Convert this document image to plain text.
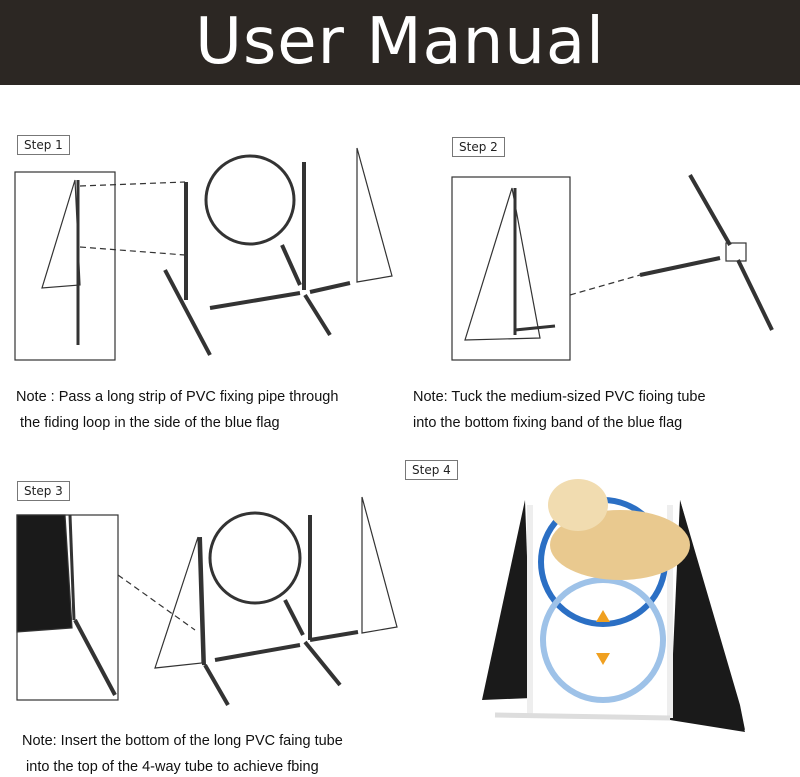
User Manual
Step 1	Step 2
Step 3
Step 4
Note : Pass a long strip of PVC fixing pipe through
the fiding loop in the side of the blue flag
Note: Tuck the medium-sized PVC fioing tube
into the bottom fixing band of the blue flag
Note: Insert the bottom of the long PVC faing tube
into the top of the 4-way tube to achieve fbing
